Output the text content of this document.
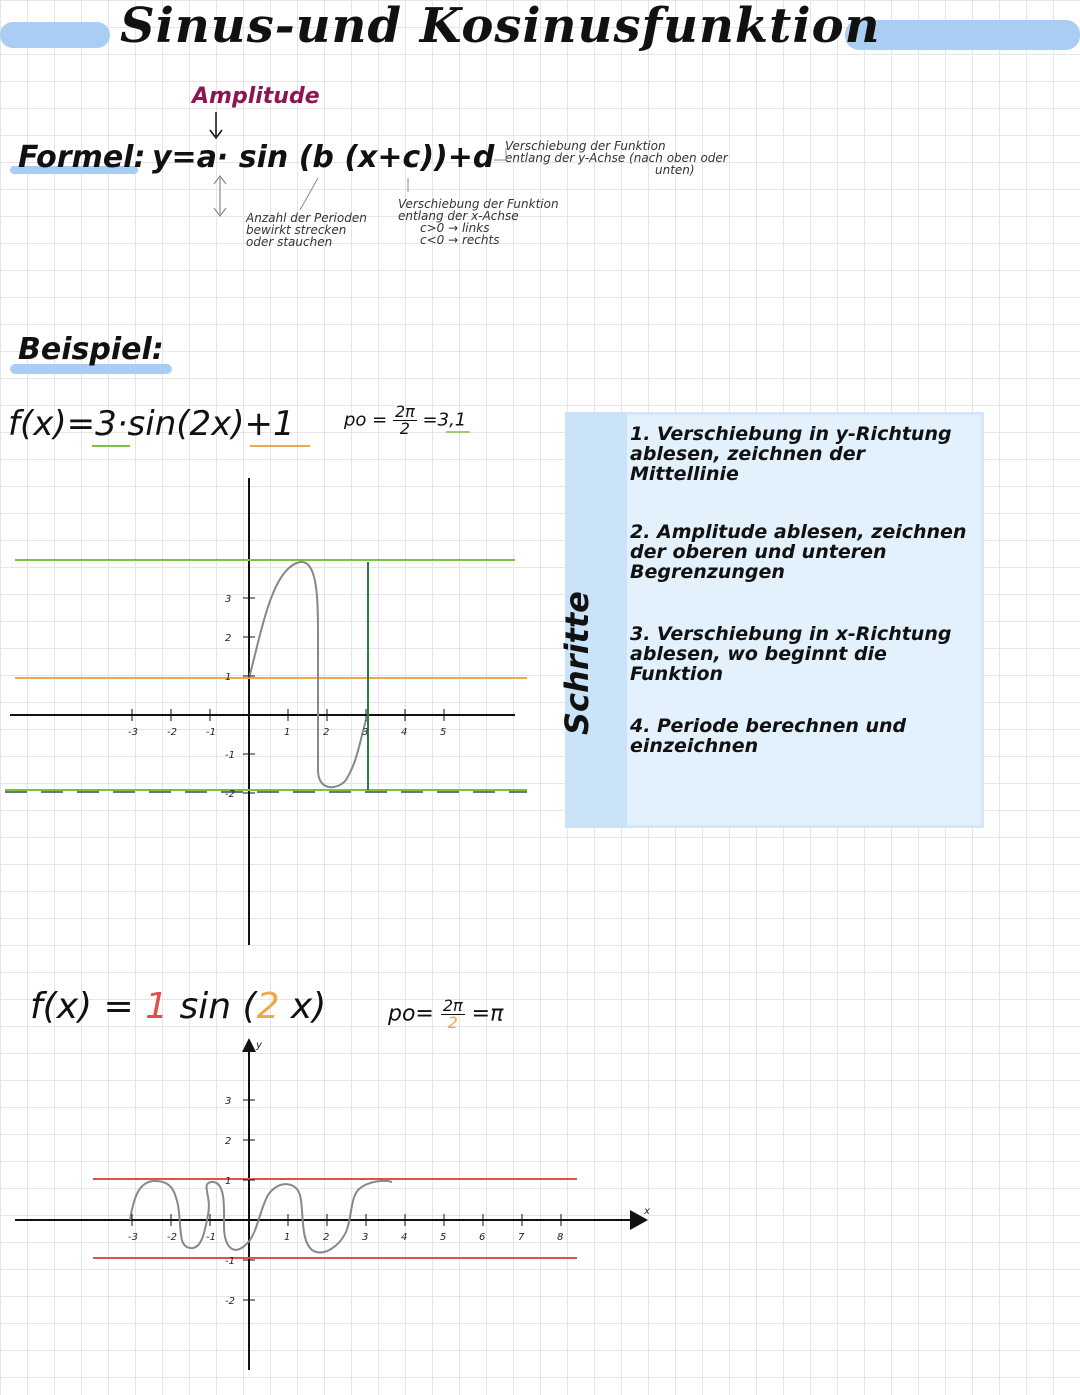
Sinus-und Kosinusfunktion
Amplitude
Formel: y=a· sin (b (x+c))+d Verschiebung der Funktion
entlang der y-Achse (nach oben oder
unten)
Verschiebung der Funktion
entlang der x-Achse
c>0 → links
c<0 → rechts
Anzahl der Perioden
bewirkt strecken
oder stauchen
Beispiel:
f(x)=3·sin(2x)+1	po = $\frac{2\pi}{2} =3,1$
f(x) = 1 sin (2 x)	$po= \frac{2\pi}{2} =\pi$
Schritte
1. Verschiebung in y-Richtung ablesen, zeichnen der Mittellinie
2. Amplitude ablesen, zeichnen der oberen und unteren Begrenzungen
3. Verschiebung in x-Richtung ablesen, wo beginnt die Funktion
4. Periode berechnen und einzeichnen
-3	-2	-1	1	2	3	4	5
3
2
1
-1
-2
-3	-2	-1	1	2	3	4	5	6	7	8
3
2
1
-1
-2
x
y
